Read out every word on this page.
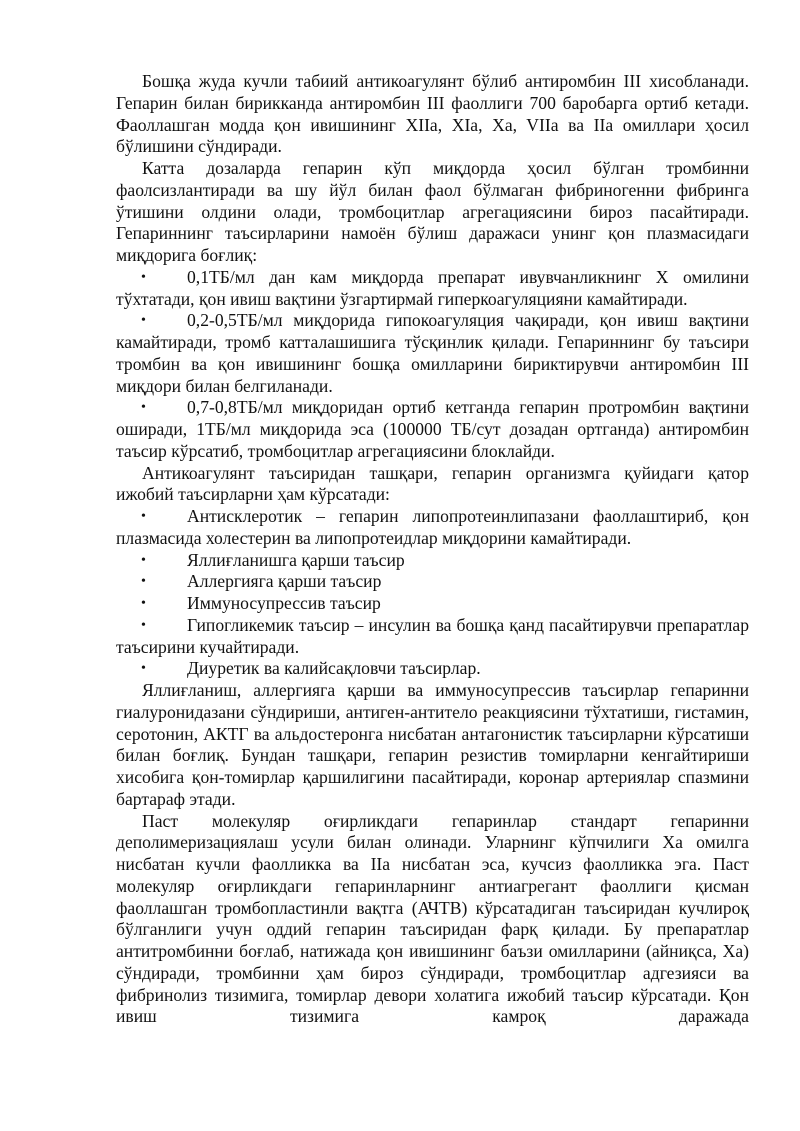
Бошқа жуда кучли табиий антикоагулянт бўлиб антиромбин III хисобланади. Гепарин билан бирикканда антиромбин III фаоллиги 700 баробарга ортиб кетади. Фаоллашган модда қон ивишининг XIIa, XIa, Xa, VIIa ва IIa омиллари ҳосил бўлишини сўндиради.

Катта дозаларда гепарин кўп миқдорда ҳосил бўлган тромбинни фаолсизлантиради ва шу йўл билан фаол бўлмаган фибриногенни фибринга ўтишини олдини олади, тромбоцитлар агрегациясини бироз пасайтиради. Гепариннинг таъсирларини намоён бўлиш даражаси унинг қон плазмасидаги миқдорига боғлиқ:

• 0,1ТБ/мл дан кам миқдорда препарат ивувчанликнинг X омилини тўхтатади, қон ивиш вақтини ўзгартирмай гиперкоагуляцияни камайтиради.
• 0,2-0,5ТБ/мл миқдорида гипокоагуляция чақиради, қон ивиш вақтини камайтиради, тромб катталашишига тўсқинлик қилади. Гепариннинг бу таъсири тромбин ва қон ивишининг бошқа омилларини бириктирувчи антиромбин III миқдори билан белгиланади.
• 0,7-0,8ТБ/мл миқдоридан ортиб кетганда гепарин протромбин вақтини оширади, 1ТБ/мл миқдорида эса (100000 ТБ/сут дозадан ортганда) антиромбин таъсир кўрсатиб, тромбоцитлар агрегациясини блоклайди.

Антикоагулянт таъсиридан ташқари, гепарин организмга қуйидаги қатор ижобий таъсирларни ҳам кўрсатади:

• Антисклеротик – гепарин липопротеинлипазани фаоллаштириб, қон плазмасида холестерин ва липопротеидлар миқдорини камайтиради.
• Яллиғланишга қарши таъсир
• Аллергияга қарши таъсир
• Иммуносупрессив таъсир
• Гипогликемик таъсир – инсулин ва бошқа қанд пасайтирувчи препаратлар таъсирини кучайтиради.
• Диуретик ва калийсақловчи таъсирлар.

Яллиғланиш, аллергияга қарши ва иммуносупрессив таъсирлар гепаринни гиалуронидазани сўндириши, антиген-антитело реакциясини тўхтатиши, гистамин, серотонин, АКТГ ва альдостеронга нисбатан антагонистик таъсирларни кўрсатиши билан боғлиқ. Бундан ташқари, гепарин резистив томирларни кенгайтириши хисобига қон-томирлар қаршилигини пасайтиради, коронар артериялар спазмини бартараф этади.

Паст молекуляр оғирликдаги гепаринлар стандарт гепаринни деполимеризациялаш усули билан олинади. Уларнинг кўпчилиги Xa омилга нисбатан кучли фаолликка ва IIa нисбатан эса, кучсиз фаолликка эга. Паст молекуляр оғирликдаги гепаринларнинг антиагрегант фаоллиги қисман фаоллашган тромбопластинли вақтга (АЧТВ) кўрсатадиган таъсиридан кучлироқ бўлганлиги учун оддий гепарин таъсиридан фарқ қилади. Бу препаратлар антитромбинни боғлаб, натижада қон ивишининг баъзи омилларини (айниқса, Xa) сўндиради, тромбинни ҳам бироз сўндиради, тромбоцитлар адгезияси ва фибринолиз тизимига, томирлар девори холатига ижобий таъсир кўрсатади. Қон ивиш тизимига камроқ даражада
